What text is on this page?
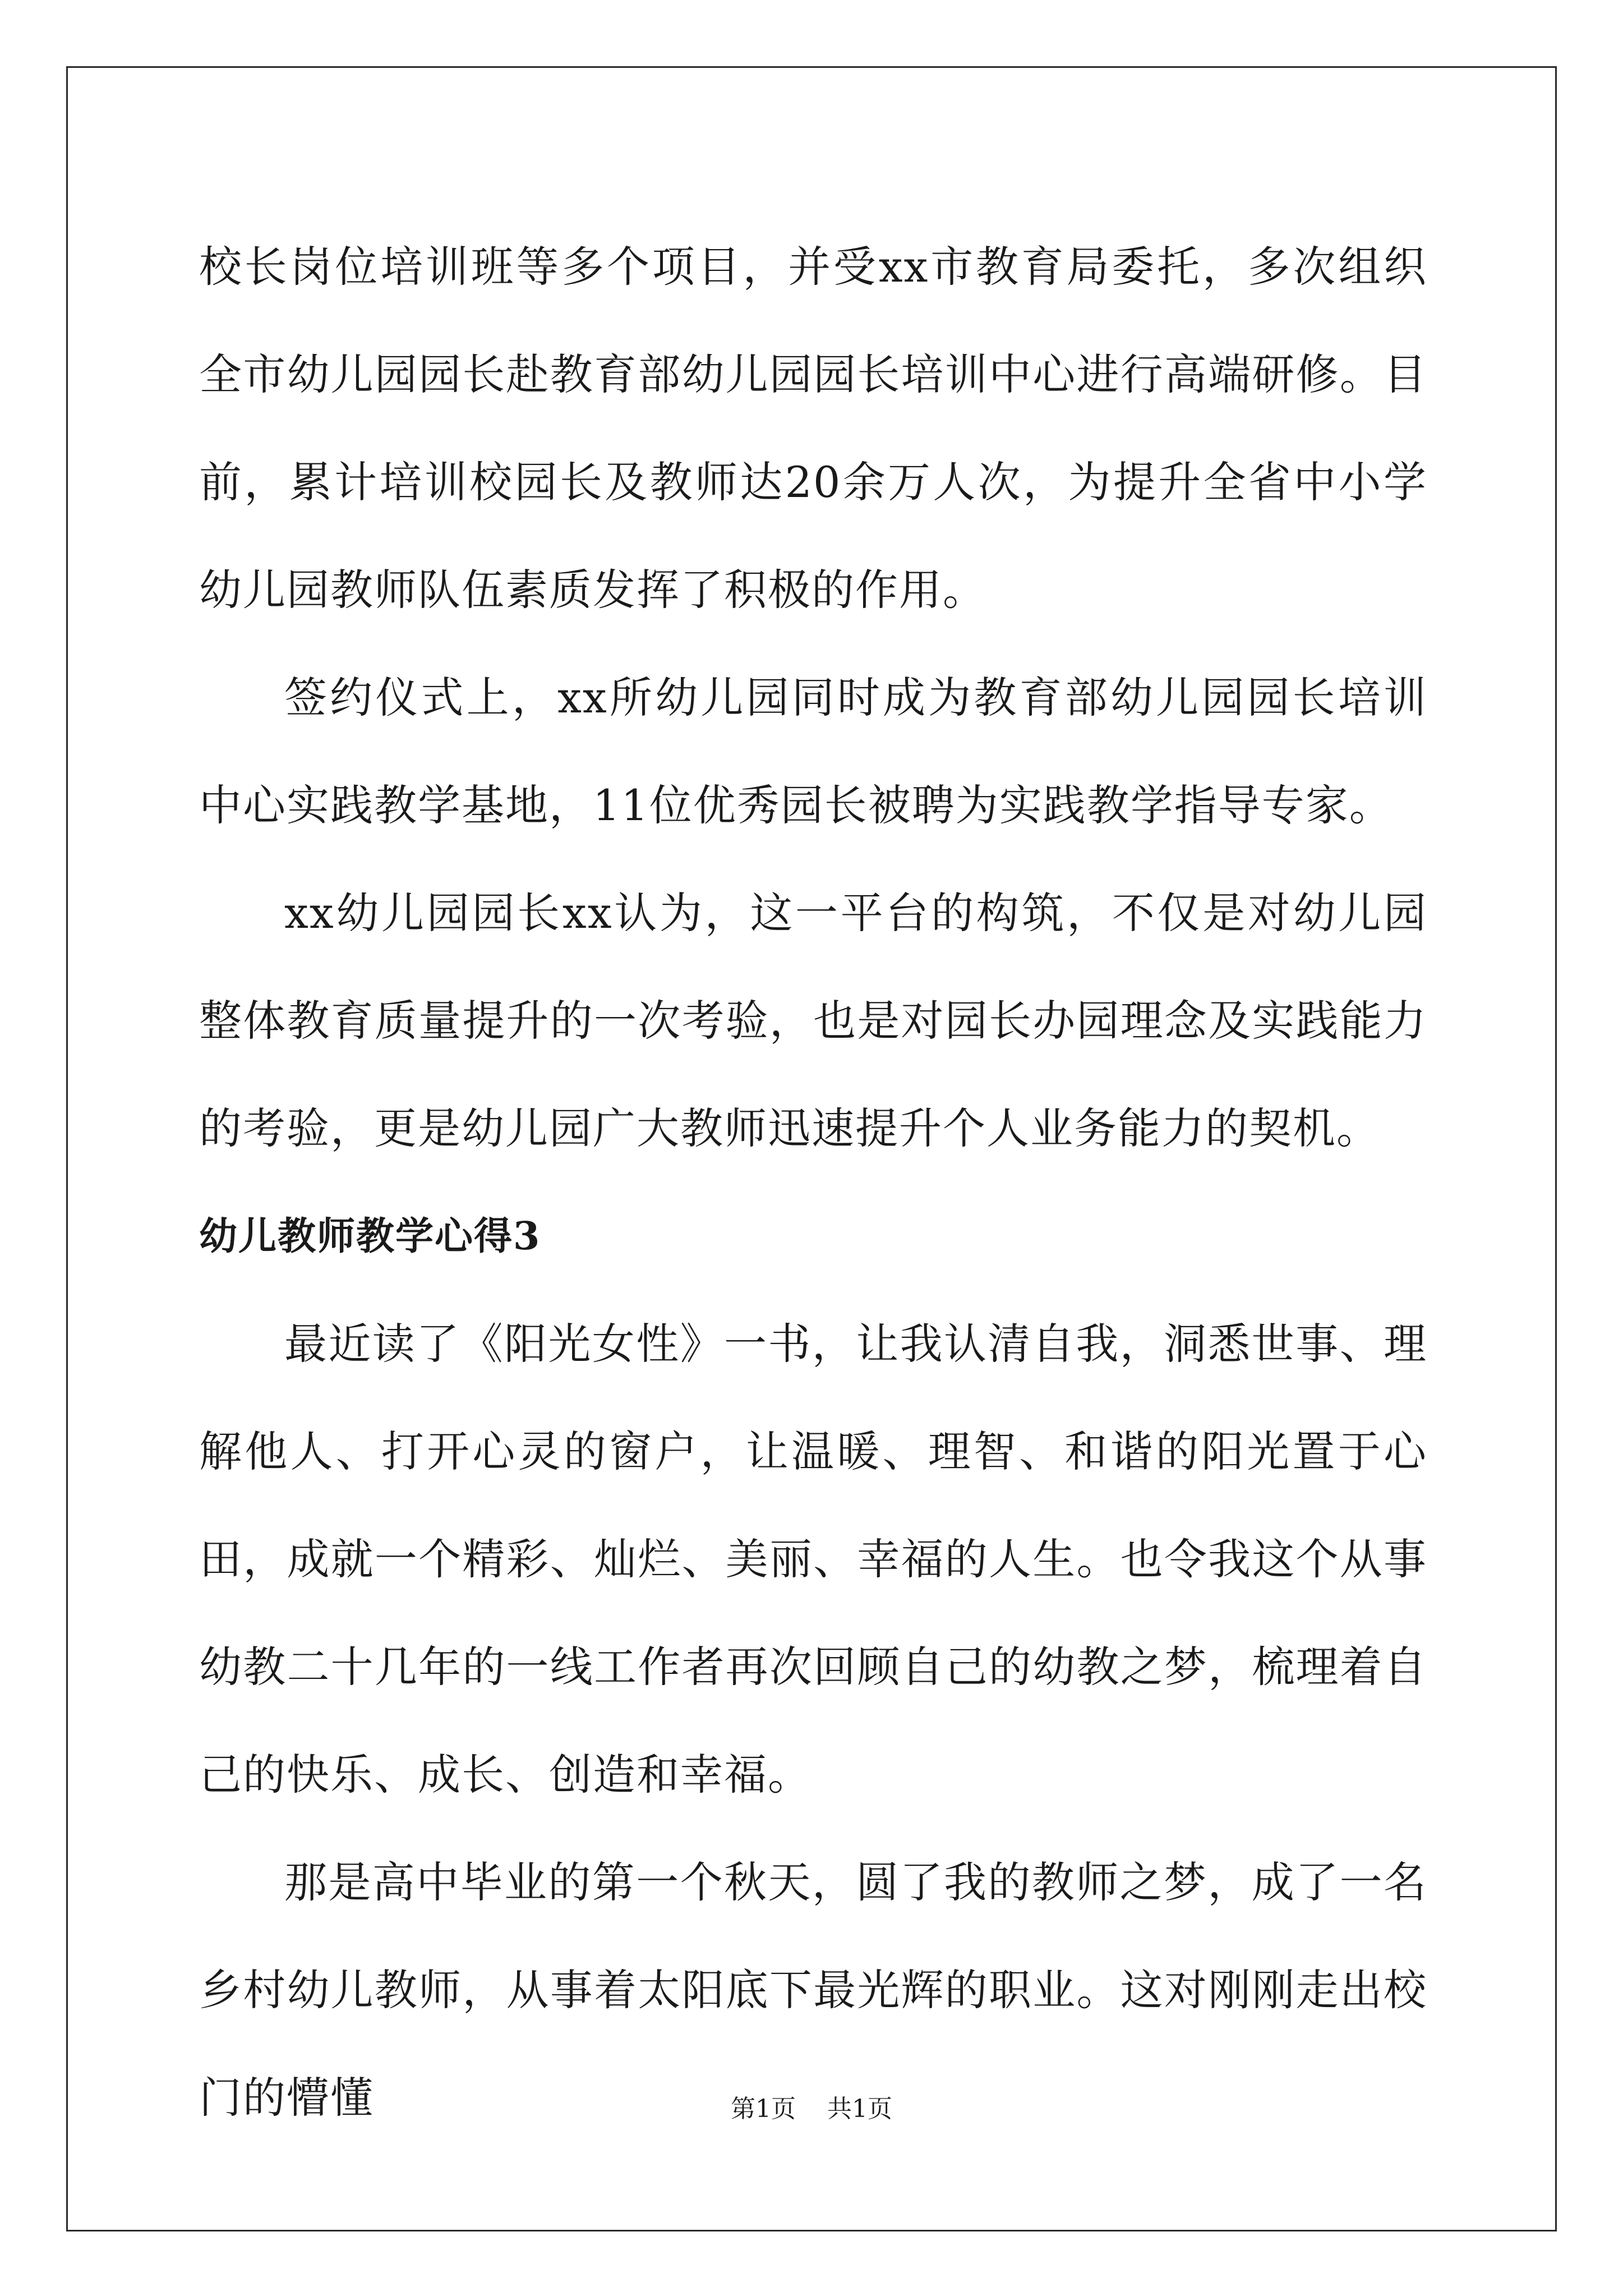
校长岗位培训班等多个项目，并受xx市教育局委托，多次组织全市幼儿园园长赴教育部幼儿园园长培训中心进行高端研修。目前，累计培训校园长及教师达20余万人次，为提升全省中小学幼儿园教师队伍素质发挥了积极的作用。

签约仪式上，xx所幼儿园同时成为教育部幼儿园园长培训中心实践教学基地，11位优秀园长被聘为实践教学指导专家。

xx幼儿园园长xx认为，这一平台的构筑，不仅是对幼儿园整体教育质量提升的一次考验，也是对园长办园理念及实践能力的考验，更是幼儿园广大教师迅速提升个人业务能力的契机。

幼儿教师教学心得3

最近读了《阳光女性》一书，让我认清自我，洞悉世事、理解他人、打开心灵的窗户，让温暖、理智、和谐的阳光置于心田，成就一个精彩、灿烂、美丽、幸福的人生。也令我这个从事幼教二十几年的一线工作者再次回顾自己的幼教之梦，梳理着自己的快乐、成长、创造和幸福。

那是高中毕业的第一个秋天，圆了我的教师之梦，成了一名乡村幼儿教师，从事着太阳底下最光辉的职业。这对刚刚走出校门的懵懂	第1页 共1页
